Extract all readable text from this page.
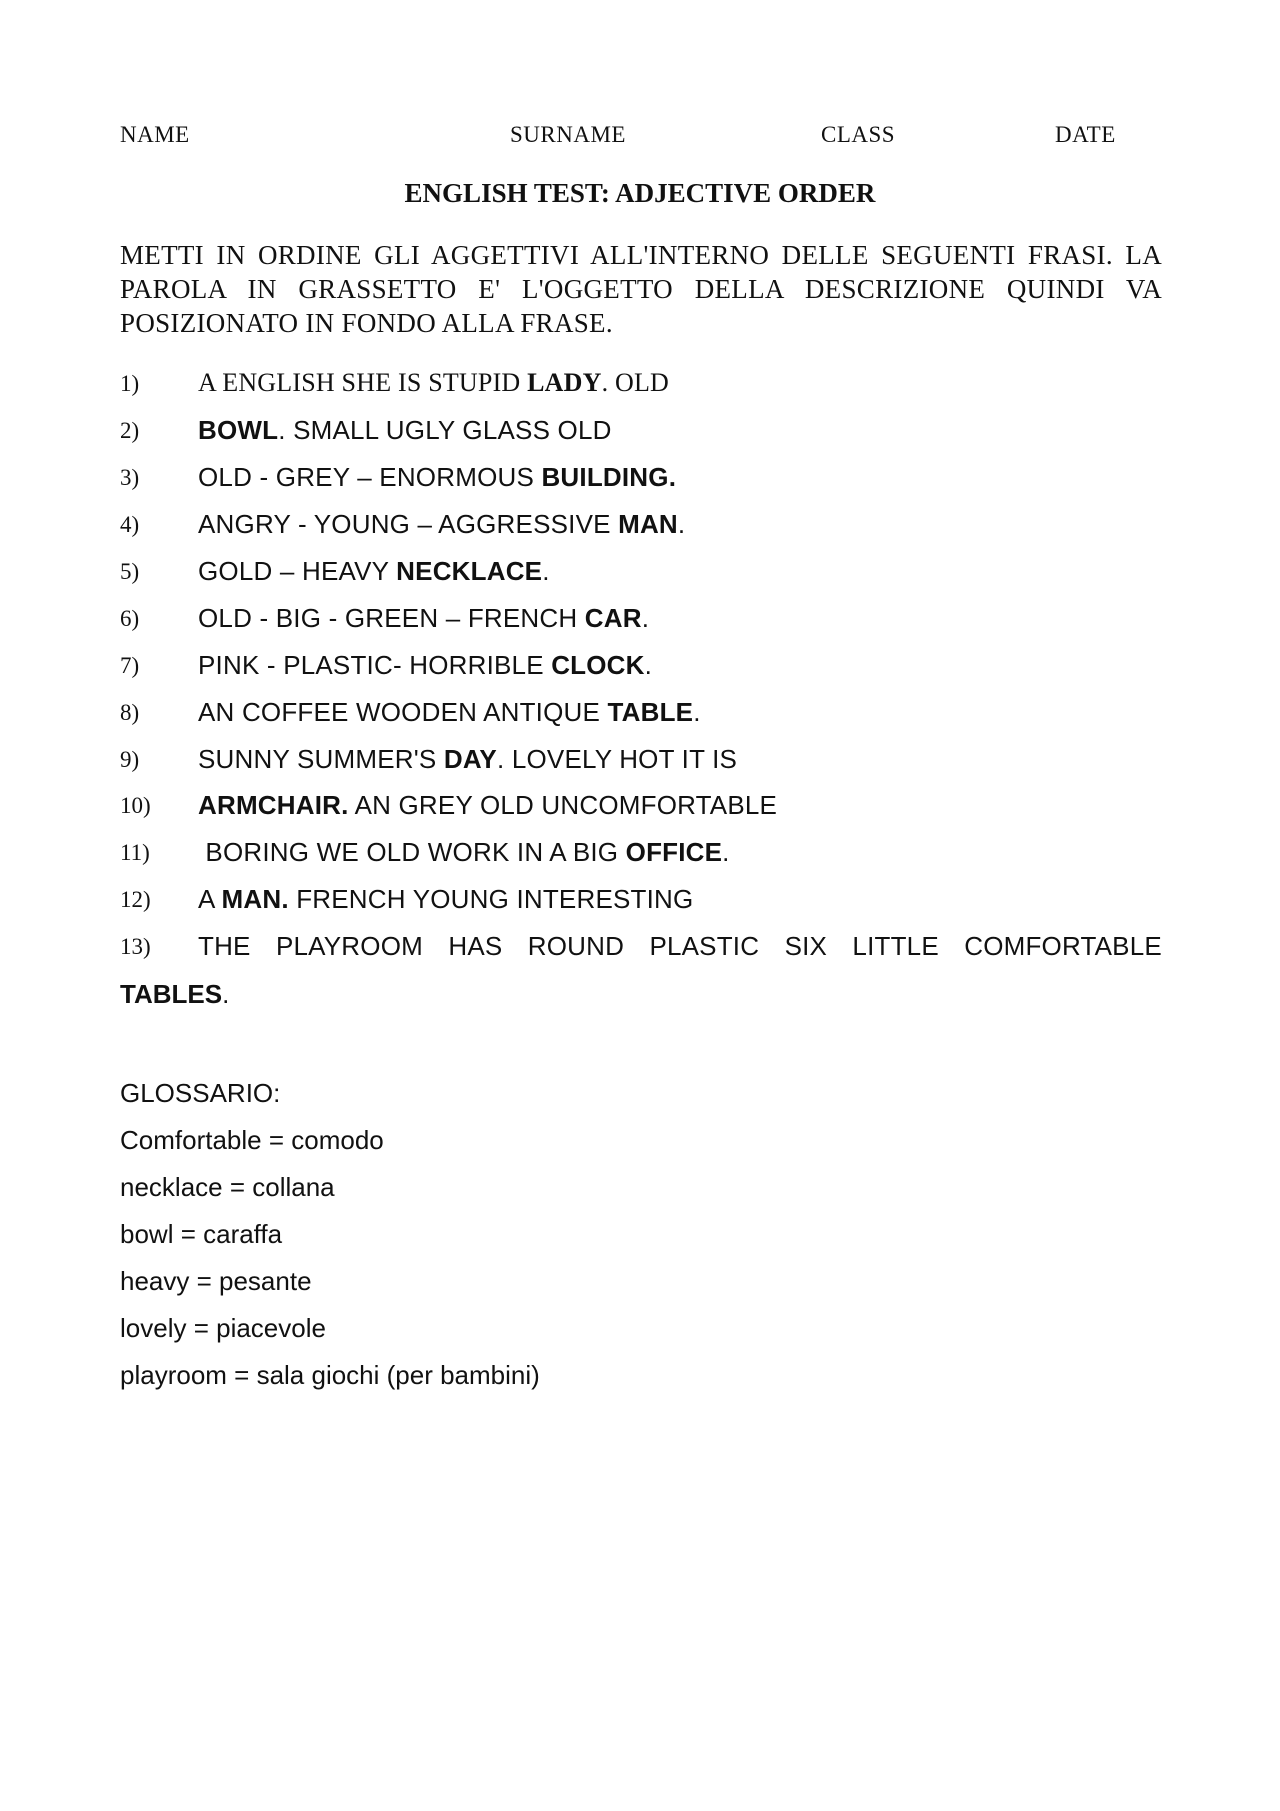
NAME	SURNAME	CLASS	DATE
ENGLISH TEST: ADJECTIVE ORDER
METTI IN ORDINE GLI AGGETTIVI ALL'INTERNO DELLE SEGUENTI FRASI. LA PAROLA IN GRASSETTO E' L'OGGETTO DELLA DESCRIZIONE QUINDI VA POSIZIONATO IN FONDO ALLA FRASE.
1) A ENGLISH SHE IS STUPID LADY. OLD
2) BOWL. SMALL UGLY GLASS OLD
3) OLD - GREY – ENORMOUS BUILDING.
4) ANGRY - YOUNG – AGGRESSIVE MAN.
5) GOLD – HEAVY NECKLACE.
6) OLD - BIG - GREEN – FRENCH CAR.
7) PINK - PLASTIC- HORRIBLE CLOCK.
8) AN COFFEE WOODEN ANTIQUE TABLE.
9) SUNNY SUMMER'S DAY. LOVELY HOT IT IS
10) ARMCHAIR. AN GREY OLD UNCOMFORTABLE
11) BORING WE OLD WORK IN A BIG OFFICE.
12) A MAN. FRENCH YOUNG INTERESTING
13) THE PLAYROOM HAS ROUND PLASTIC SIX LITTLE COMFORTABLE
TABLES.
GLOSSARIO:
Comfortable = comodo
necklace = collana
bowl = caraffa
heavy = pesante
lovely = piacevole
playroom = sala giochi (per bambini)
